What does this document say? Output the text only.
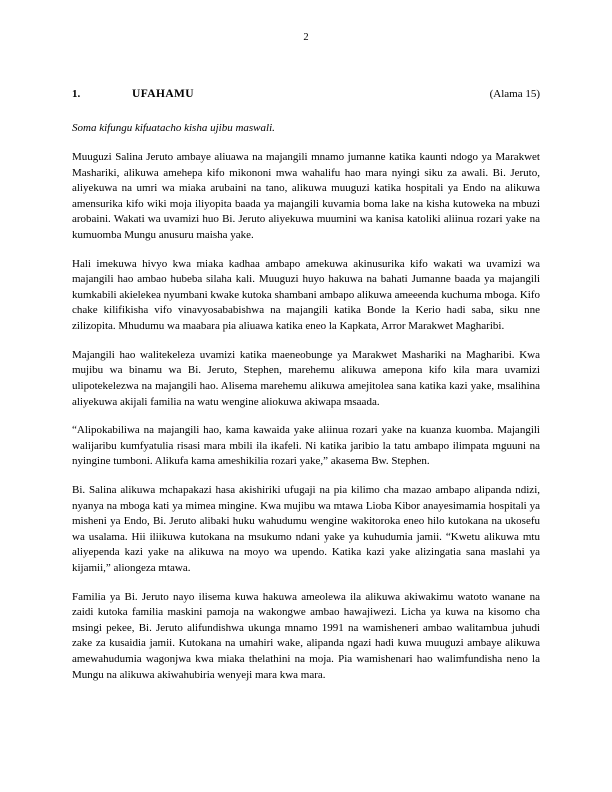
2
1.	UFAHAMU	(Alama 15)
Soma kifungu kifuatacho kisha ujibu maswali.

Muuguzi Salina Jeruto ambaye aliuawa na majangili mnamo jumanne katika kaunti ndogo ya Marakwet Mashariki, alikuwa amehepa kifo mikononi mwa wahalifu hao mara nyingi siku za awali. Bi. Jeruto, aliyekuwa na umri wa miaka arubaini na tano, alikuwa muuguzi katika hospitali ya Endo na alikuwa amensurika kifo wiki moja iliyopita baada ya majangili kuvamia boma lake na kisha kutoweka na mbuzi arobaini. Wakati wa uvamizi huo Bi. Jeruto aliyekuwa muumini wa kanisa katoliki aliinua rozari yake na kumuomba Mungu anusuru maisha yake.

Hali imekuwa hivyo kwa miaka kadhaa ambapo amekuwa akinusurika kifo wakati wa uvamizi wa majangili hao ambao hubeba silaha kali. Muuguzi huyo hakuwa na bahati Jumanne baada ya majangili kumkabili akielekea nyumbani kwake kutoka shambani ambapo alikuwa ameeenda kuchuma mboga. Kifo chake kilifikisha vifo vinavyosababishwa na majangili katika Bonde la Kerio hadi saba, siku nne zilizopita. Mhudumu wa maabara pia aliuawa katika eneo la Kapkata, Arror Marakwet Magharibi.

Majangili hao walitekeleza uvamizi katika maeneobunge ya Marakwet Mashariki na Magharibi. Kwa mujibu wa binamu wa Bi. Jeruto, Stephen, marehemu alikuwa amepona kifo kila mara uvamizi ulipotekelezwa na majangili hao. Alisema marehemu alikuwa amejitolea sana katika kazi yake, msalihina aliyekuwa akijali familia na watu wengine aliokuwa akiwapa msaada.

“Alipokabiliwa na majangili hao, kama kawaida yake aliinua rozari yake na kuanza kuomba. Majangili walijaribu kumfyatulia risasi mara mbili ila ikafeli. Ni katika jaribio la tatu ambapo ilimpata mguuni na nyingine tumboni. Alikufa kama ameshikilia rozari yake,” akasema Bw. Stephen.

Bi. Salina alikuwa mchapakazi hasa akishiriki ufugaji na pia kilimo cha mazao ambapo alipanda ndizi, nyanya na mboga kati ya mimea mingine. Kwa mujibu wa mtawa Lioba Kibor anayesimamia hospitali ya misheni ya Endo, Bi. Jeruto alibaki huku wahudumu wengine wakitoroka eneo hilo kutokana na ukosefu wa usalama. Hii iliikuwa kutokana na msukumo ndani yake ya kuhudumia jamii. “Kwetu alikuwa mtu aliyependa kazi yake na alikuwa na moyo wa upendo. Katika kazi yake alizingatia sana maslahi ya kijamii,” aliongeza mtawa.

Familia ya Bi. Jeruto nayo ilisema kuwa hakuwa ameolewa ila alikuwa akiwakimu watoto wanane na zaidi kutoka familia maskini pamoja na wakongwe ambao hawajiwezi. Licha ya kuwa na kisomo cha msingi pekee, Bi. Jeruto alifundishwa ukunga mnamo 1991 na wamisheneri ambao walitambua juhudi zake za kusaidia jamii. Kutokana na umahiri wake, alipanda ngazi hadi kuwa muuguzi ambaye alikuwa amewahudumia wagonjwa kwa miaka thelathini na moja. Pia wamishenari hao walimfundisha neno la Mungu na alikuwa akiwahubiria wenyeji mara kwa mara.
